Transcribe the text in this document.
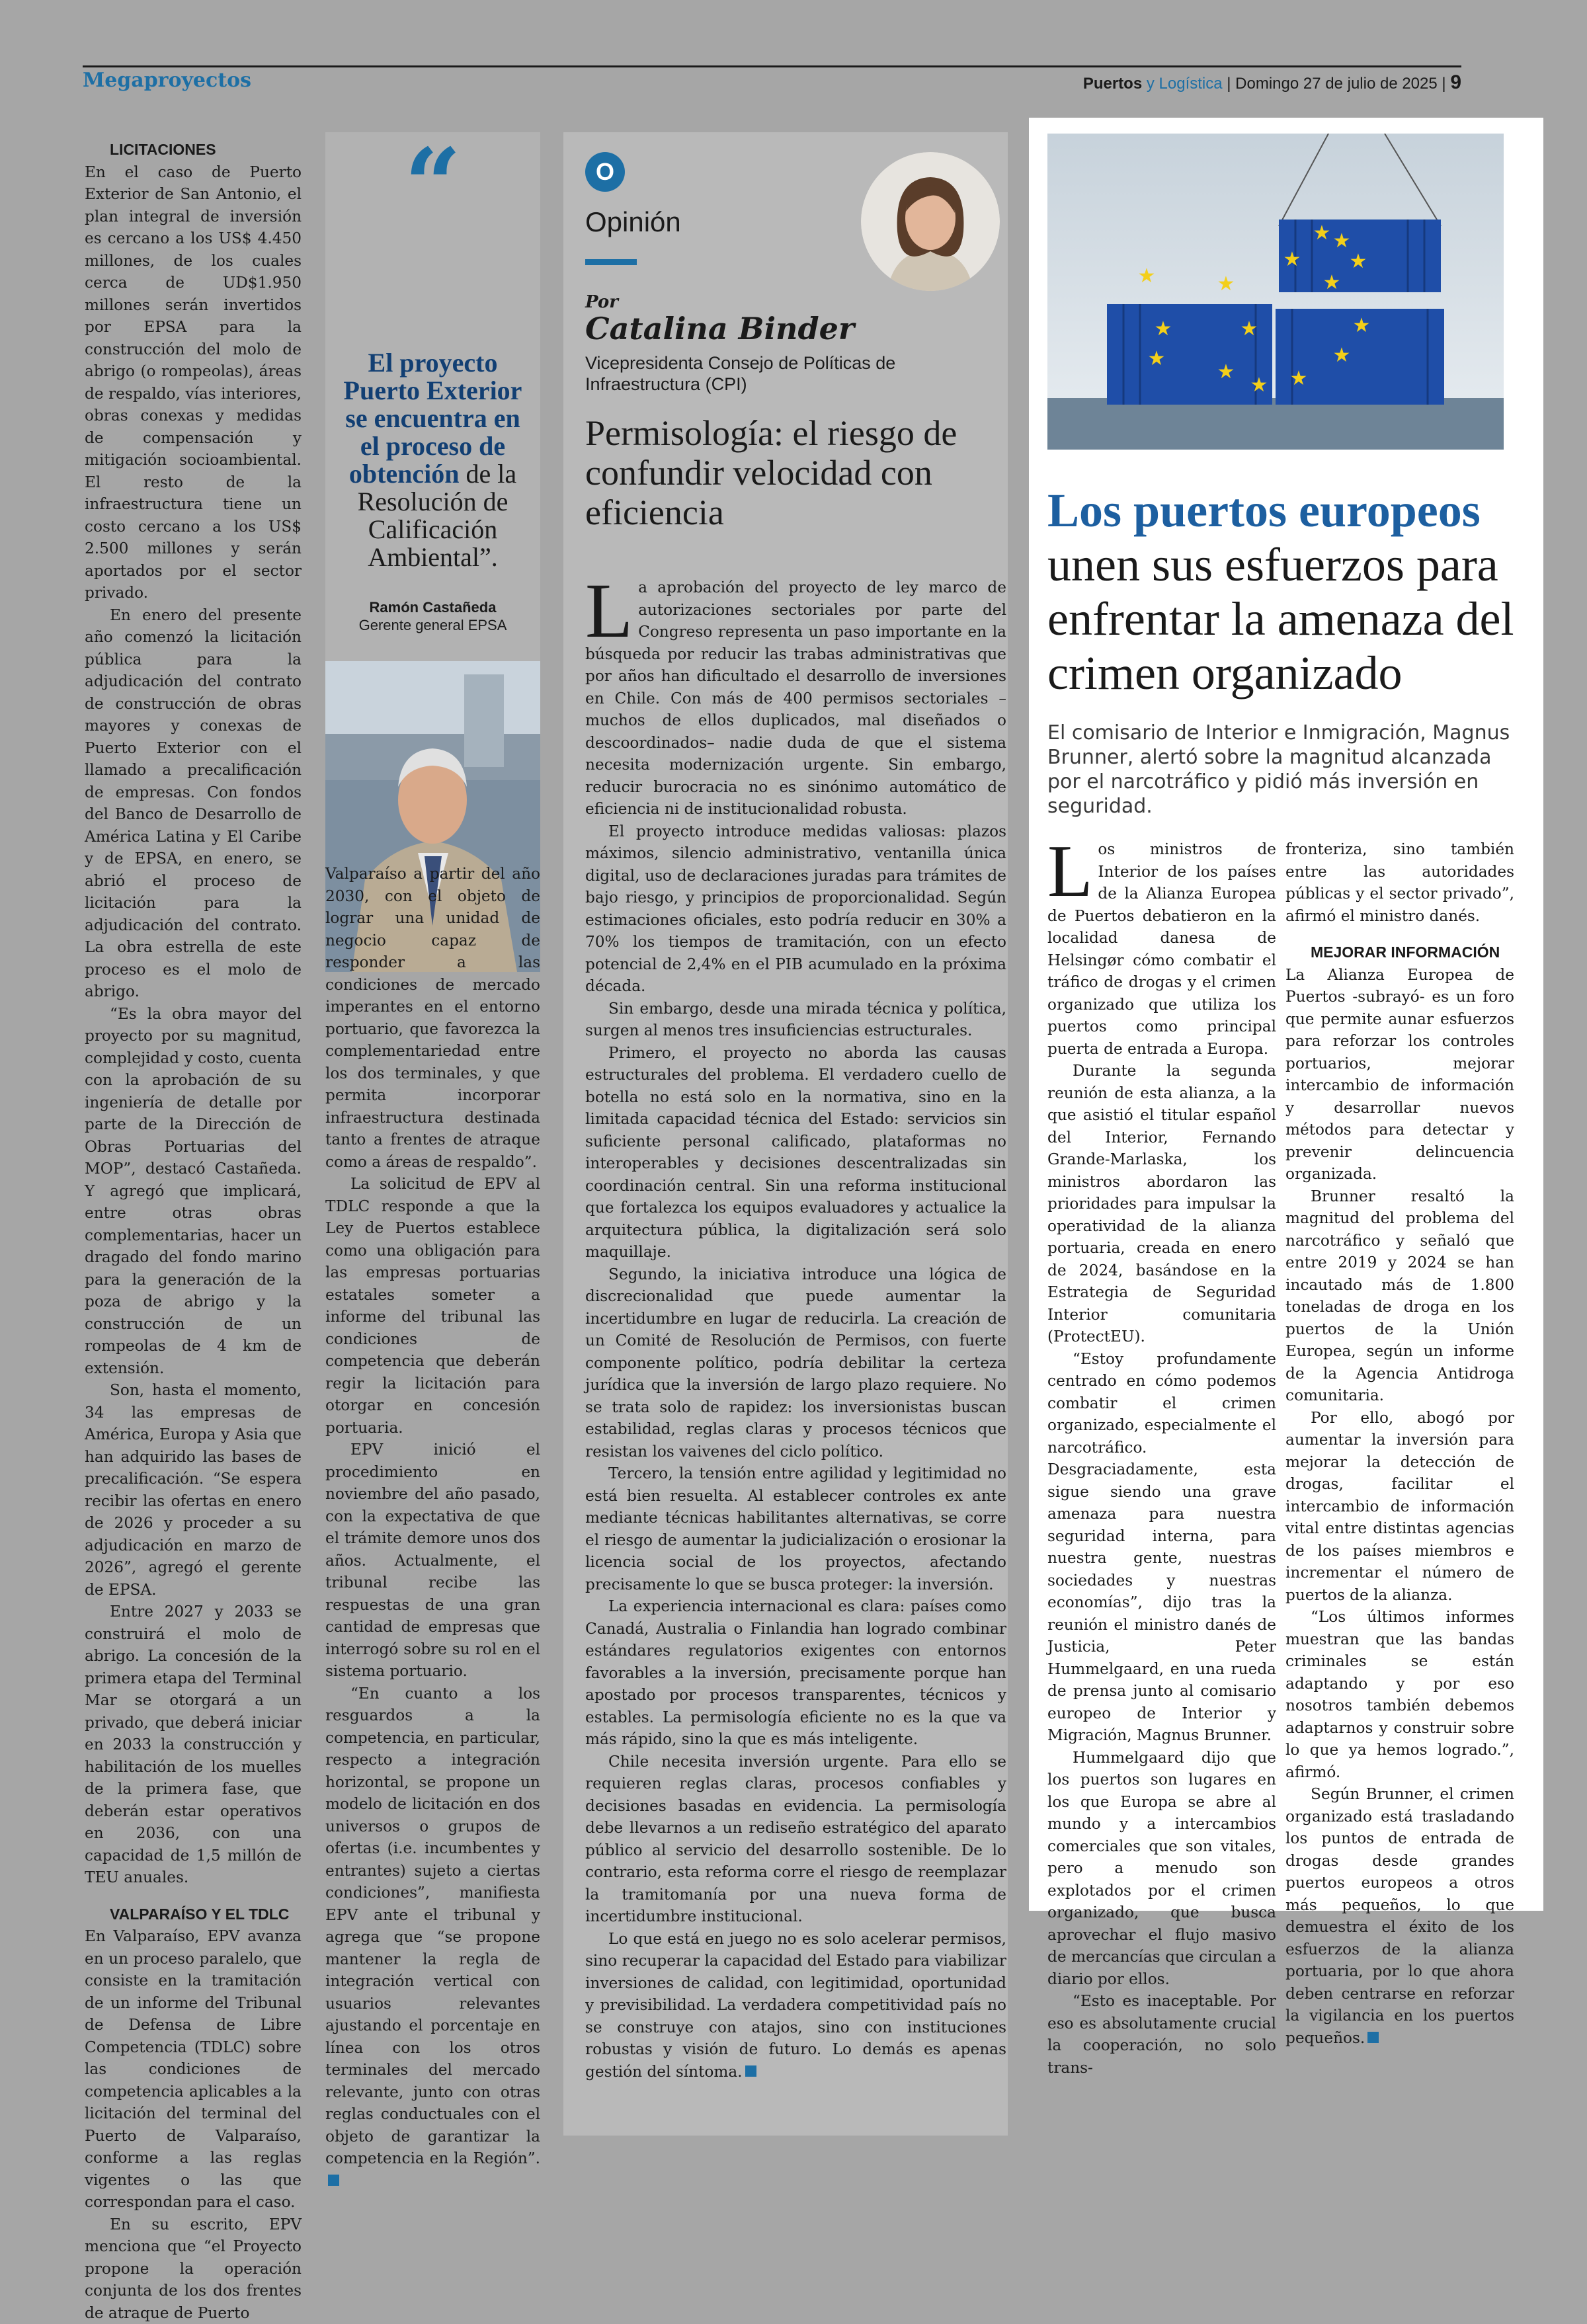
Megaproyectos	Puertos y Logística | Domingo 27 de julio de 2025 | 9

LICITACIONES

En el caso de Puerto Exterior de San Antonio, el plan integral de inversión es cercano a los US$ 4.450 millones, de los cuales cerca de UD$1.950 millones serán invertidos por EPSA para la construcción del molo de abrigo (o rompeolas), áreas de respaldo, vías interiores, obras conexas y medidas de compensación y mitigación socioambiental. El resto de la infraestructura tiene un costo cercano a los US$ 2.500 millones y serán aportados por el sector privado.

En enero del presente año comenzó la licitación pública para la adjudicación del contrato de construcción de obras mayores y conexas de Puerto Exterior con el llamado a precalificación de empresas. Con fondos del Banco de Desarrollo de América Latina y El Caribe y de EPSA, en enero, se abrió el proceso de licitación para la adjudicación del contrato. La obra estrella de este proceso es el molo de abrigo.

“Es la obra mayor del proyecto por su magnitud, complejidad y costo, cuenta con la aprobación de su ingeniería de detalle por parte de la Dirección de Obras Portuarias del MOP”, destacó Castañeda. Y agregó que implicará, entre otras obras complementarias, hacer un dragado del fondo marino para la generación de la poza de abrigo y la construcción de un rompeolas de 4 km de extensión.

Son, hasta el momento, 34 las empresas de América, Europa y Asia que han adquirido las bases de precalificación. “Se espera recibir las ofertas en enero de 2026 y proceder a su adjudicación en marzo de 2026”, agregó el gerente de EPSA.

Entre 2027 y 2033 se construirá el molo de abrigo. La concesión de la primera etapa del Terminal Mar se otorgará a un privado, que deberá iniciar en 2033 la construcción y habilitación de los muelles de la primera fase, que deberán estar operativos en 2036, con una capacidad de 1,5 millón de TEU anuales.

VALPARAÍSO Y EL TDLC

En Valparaíso, EPV avanza en un proceso paralelo, que consiste en la tramitación de un informe del Tribunal de Defensa de Libre Competencia (TDLC) sobre las condiciones de competencia aplicables a la licitación del terminal del Puerto de Valparaíso, conforme a las reglas vigentes o las que correspondan para el caso.

En su escrito, EPV menciona que “el Proyecto propone la operación conjunta de los dos frentes de atraque de Puerto

“
El proyecto Puerto Exterior se encuentra en el proceso de obtención de la Resolución de Calificación Ambiental”.
Ramón Castañeda
Gerente general EPSA

Valparaíso a partir del año 2030, con el objeto de lograr una unidad de negocio capaz de responder a las condiciones de mercado imperantes en el entorno portuario, que favorezca la complementariedad entre los dos terminales, y que permita incorporar infraestructura destinada tanto a frentes de atraque como a áreas de respaldo”.

La solicitud de EPV al TDLC responde a que la Ley de Puertos establece como una obligación para las empresas portuarias estatales someter a informe del tribunal las condiciones de competencia que deberán regir la licitación para otorgar en concesión portuaria.

EPV inició el procedimiento en noviembre del año pasado, con la expectativa de que el trámite demore unos dos años. Actualmente, el tribunal recibe las respuestas de una gran cantidad de empresas que interrogó sobre su rol en el sistema portuario.

“En cuanto a los resguardos a la competencia, en particular, respecto a integración horizontal, se propone un modelo de licitación en dos universos o grupos de ofertas (i.e. incumbentes y entrantes) sujeto a ciertas condiciones”, manifiesta EPV ante el tribunal y agrega que “se propone mantener la regla de integración vertical con usuarios relevantes ajustando el porcentaje en línea con los otros terminales del mercado relevante, junto con otras reglas conductuales con el objeto de garantizar la competencia en la Región”.

O
Opinión
Por
Catalina Binder
Vicepresidenta Consejo de Políticas de Infraestructura (CPI)
Permisología: el riesgo de confundir velocidad con eficiencia

La aprobación del proyecto de ley marco de autorizaciones sectoriales por parte del Congreso representa un paso importante en la búsqueda por reducir las trabas administrativas que por años han dificultado el desarrollo de inversiones en Chile. Con más de 400 permisos sectoriales –muchos de ellos duplicados, mal diseñados o descoordinados– nadie duda de que el sistema necesita modernización urgente. Sin embargo, reducir burocracia no es sinónimo automático de eficiencia ni de institucionalidad robusta.

El proyecto introduce medidas valiosas: plazos máximos, silencio administrativo, ventanilla única digital, uso de declaraciones juradas para trámites de bajo riesgo, y principios de proporcionalidad. Según estimaciones oficiales, esto podría reducir en 30% a 70% los tiempos de tramitación, con un efecto potencial de 2,4% en el PIB acumulado en la próxima década.

Sin embargo, desde una mirada técnica y política, surgen al menos tres insuficiencias estructurales.

Primero, el proyecto no aborda las causas estructurales del problema. El verdadero cuello de botella no está solo en la normativa, sino en la limitada capacidad técnica del Estado: servicios sin suficiente personal calificado, plataformas no interoperables y decisiones descentralizadas sin coordinación central. Sin una reforma institucional que fortalezca los equipos evaluadores y actualice la arquitectura pública, la digitalización será solo maquillaje.

Segundo, la iniciativa introduce una lógica de discrecionalidad que puede aumentar la incertidumbre en lugar de reducirla. La creación de un Comité de Resolución de Permisos, con fuerte componente político, podría debilitar la certeza jurídica que la inversión de largo plazo requiere. No se trata solo de rapidez: los inversionistas buscan estabilidad, reglas claras y procesos técnicos que resistan los vaivenes del ciclo político.

Tercero, la tensión entre agilidad y legitimidad no está bien resuelta. Al establecer controles ex ante mediante técnicas habilitantes alternativas, se corre el riesgo de aumentar la judicialización o erosionar la licencia social de los proyectos, afectando precisamente lo que se busca proteger: la inversión.

La experiencia internacional es clara: países como Canadá, Australia o Finlandia han logrado combinar estándares regulatorios exigentes con entornos favorables a la inversión, precisamente porque han apostado por procesos transparentes, técnicos y estables. La permisología eficiente no es la que va más rápido, sino la que es más inteligente.

Chile necesita inversión urgente. Para ello se requieren reglas claras, procesos confiables y decisiones basadas en evidencia. La permisología debe llevarnos a un rediseño estratégico del aparato público al servicio del desarrollo sostenible. De lo contrario, esta reforma corre el riesgo de reemplazar la tramitomanía por una nueva forma de incertidumbre institucional.

Lo que está en juego no es solo acelerar permisos, sino recuperar la capacidad del Estado para viabilizar inversiones de calidad, con legitimidad, oportunidad y previsibilidad. La verdadera competitividad país no se construye con atajos, sino con instituciones robustas y visión de futuro. Lo demás es apenas gestión del síntoma.

★ ★
★
★
★
★	★
★
★
★
★
★
★
★
★
Los puertos europeos
unen sus esfuerzos para enfrentar la amenaza del crimen organizado
El comisario de Interior e Inmigración, Magnus Brunner, alertó sobre la magnitud alcanzada por el narcotráfico y pidió más inversión en seguridad.

Los ministros de Interior de los países de la Alianza Europea de Puertos debatieron en la localidad danesa de Helsingør cómo combatir el tráfico de drogas y el crimen organizado que utiliza los puertos como principal puerta de entrada a Europa.

Durante la segunda reunión de esta alianza, a la que asistió el titular español del Interior, Fernando Grande-Marlaska, los ministros abordaron las prioridades para impulsar la operatividad de la alianza portuaria, creada en enero de 2024, basándose en la Estrategia de Seguridad Interior comunitaria (ProtectEU).

“Estoy profundamente centrado en cómo podemos combatir el crimen organizado, especialmente el narcotráfico. Desgraciadamente, esta sigue siendo una grave amenaza para nuestra seguridad interna, para nuestra gente, nuestras sociedades y nuestras economías”, dijo tras la reunión el ministro danés de Justicia, Peter Hummelgaard, en una rueda de prensa junto al comisario europeo de Interior y Migración, Magnus Brunner.

Hummelgaard dijo que los puertos son lugares en los que Europa se abre al mundo y a intercambios comerciales que son vitales, pero a menudo son explotados por el crimen organizado, que busca aprovechar el flujo masivo de mercancías que circulan a diario por ellos.

“Esto es inaceptable. Por eso es absolutamente crucial la cooperación, no solo trans-

fronteriza, sino también entre las autoridades públicas y el sector privado”, afirmó el ministro danés.

MEJORAR INFORMACIÓN

La Alianza Europea de Puertos -subrayó- es un foro que permite aunar esfuerzos para reforzar los controles portuarios, mejorar intercambio de información y desarrollar nuevos métodos para detectar y prevenir delincuencia organizada.

Brunner resaltó la magnitud del problema del narcotráfico y señaló que entre 2019 y 2024 se han incautado más de 1.800 toneladas de droga en los puertos de la Unión Europea, según un informe de la Agencia Antidroga comunitaria.

Por ello, abogó por aumentar la inversión para mejorar la detección de drogas, facilitar el intercambio de información vital entre distintas agencias de los países miembros e incrementar el número de puertos de la alianza.

“Los últimos informes muestran que las bandas criminales se están adaptando y por eso nosotros también debemos adaptarnos y construir sobre lo que ya hemos logrado.”, afirmó.

Según Brunner, el crimen organizado está trasladando los puntos de entrada de drogas desde grandes puertos europeos a otros más pequeños, lo que demuestra el éxito de los esfuerzos de la alianza portuaria, por lo que ahora deben centrarse en reforzar la vigilancia en los puertos pequeños.
